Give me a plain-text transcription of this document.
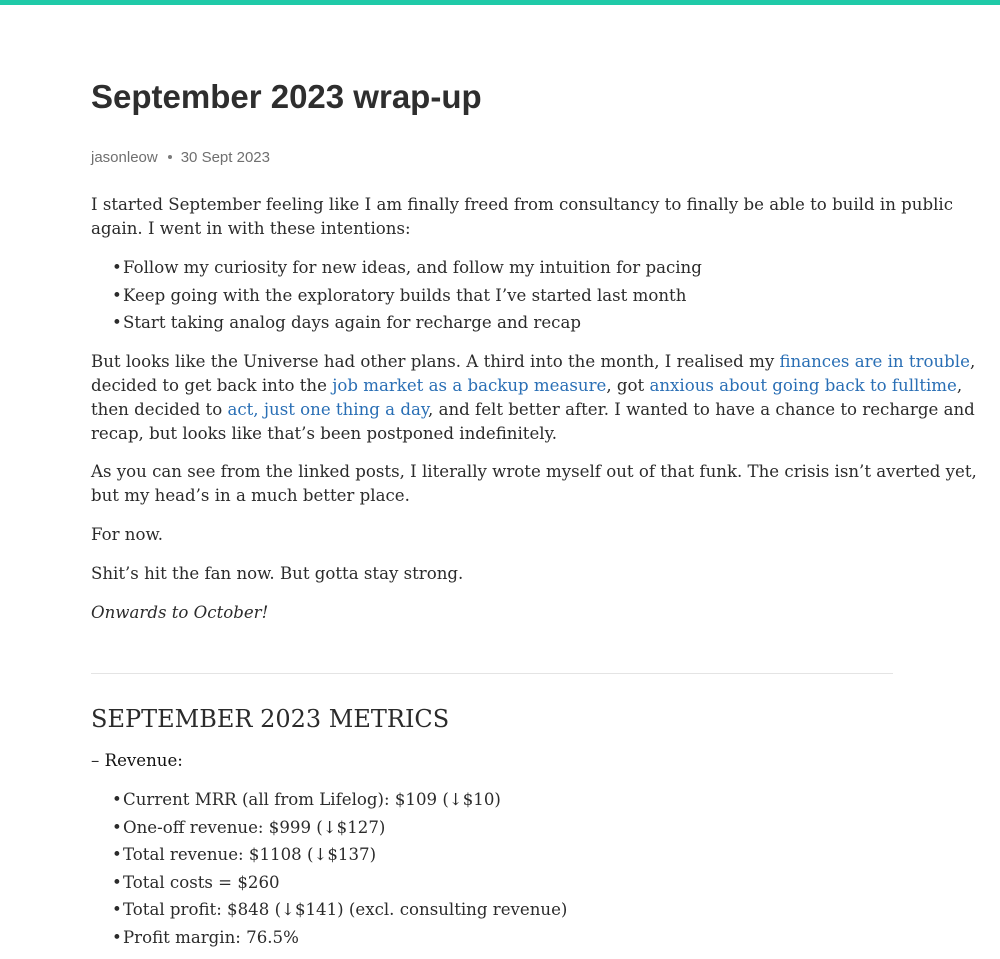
September 2023 wrap-up
jasonleow 30 Sept 2023

I started September feeling like I am finally freed from consultancy to finally be able to build in public
again. I went in with these intentions:

• Follow my curiosity for new ideas, and follow my intuition for pacing
• Keep going with the exploratory builds that I’ve started last month
• Start taking analog days again for recharge and recap

But looks like the Universe had other plans. A third into the month, I realised my finances are in trouble,
decided to get back into the job market as a backup measure, got anxious about going back to fulltime,
then decided to act, just one thing a day, and felt better after. I wanted to have a chance to recharge and
recap, but looks like that’s been postponed indefinitely.

As you can see from the linked posts, I literally wrote myself out of that funk. The crisis isn’t averted yet,
but my head’s in a much better place.

For now.

Shit’s hit the fan now. But gotta stay strong.

Onwards to October!

SEPTEMBER 2023 METRICS
– Revenue:
• Current MRR (all from Lifelog): $109 (↓$10)
• One-off revenue: $999 (↓$127)
• Total revenue: $1108 (↓$137)
• Total costs = $260
• Total profit: $848 (↓$141) (excl. consulting revenue)
• Profit margin: 76.5%
